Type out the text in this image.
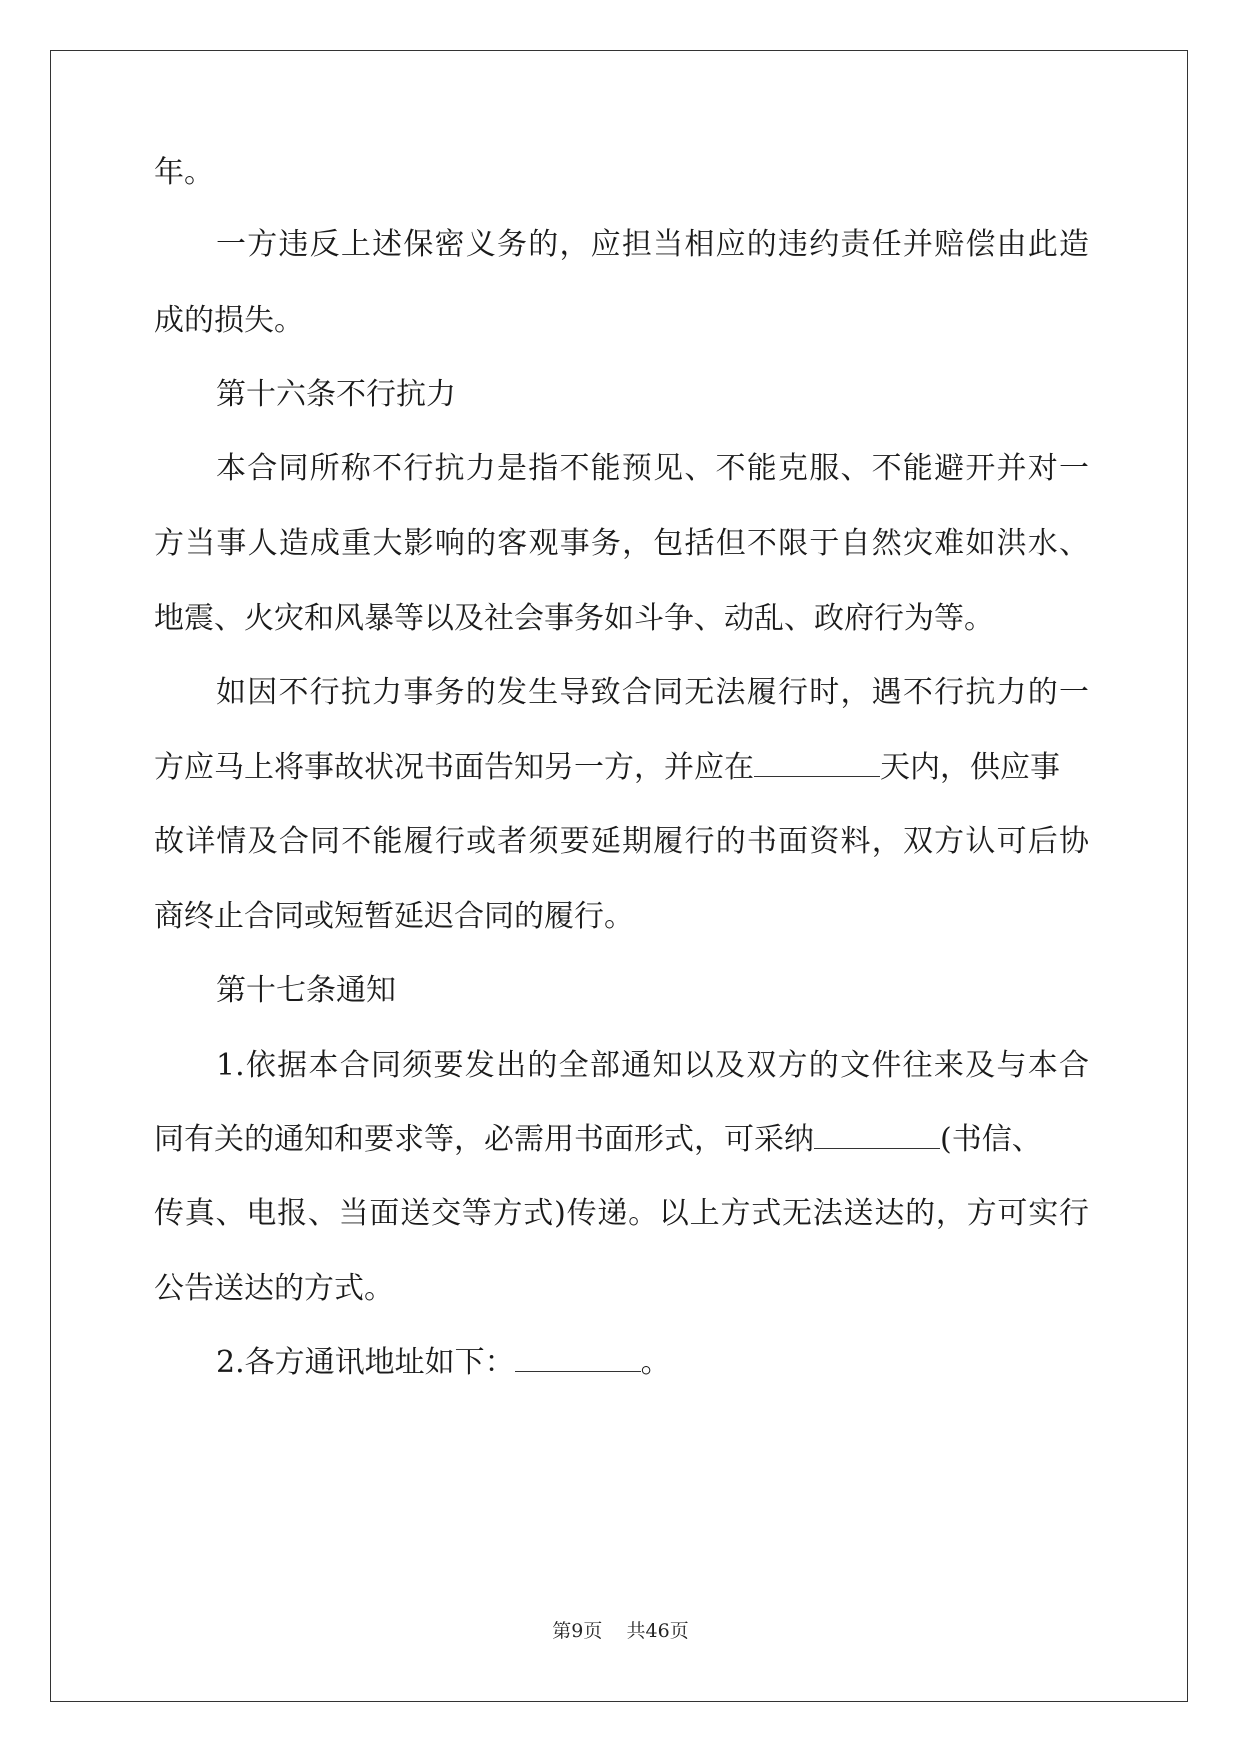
年。
一方违反上述保密义务的，应担当相应的违约责任并赔偿由此造
成的损失。
第十六条不行抗力
本合同所称不行抗力是指不能预见、不能克服、不能避开并对一
方当事人造成重大影响的客观事务，包括但不限于自然灾难如洪水、
地震、火灾和风暴等以及社会事务如斗争、动乱、政府行为等。
如因不行抗力事务的发生导致合同无法履行时，遇不行抗力的一
方应马上将事故状况书面告知另一方，并应在	天内，供应事
故详情及合同不能履行或者须要延期履行的书面资料，双方认可后协
商终止合同或短暂延迟合同的履行。
第十七条通知
1.依据本合同须要发出的全部通知以及双方的文件往来及与本合
同有关的通知和要求等，必需用书面形式，可采纳	(书信、
传真、电报、当面送交等方式)传递。以上方式无法送达的，方可实行
公告送达的方式。
2.各方通讯地址如下：	。
第9页 共46页
